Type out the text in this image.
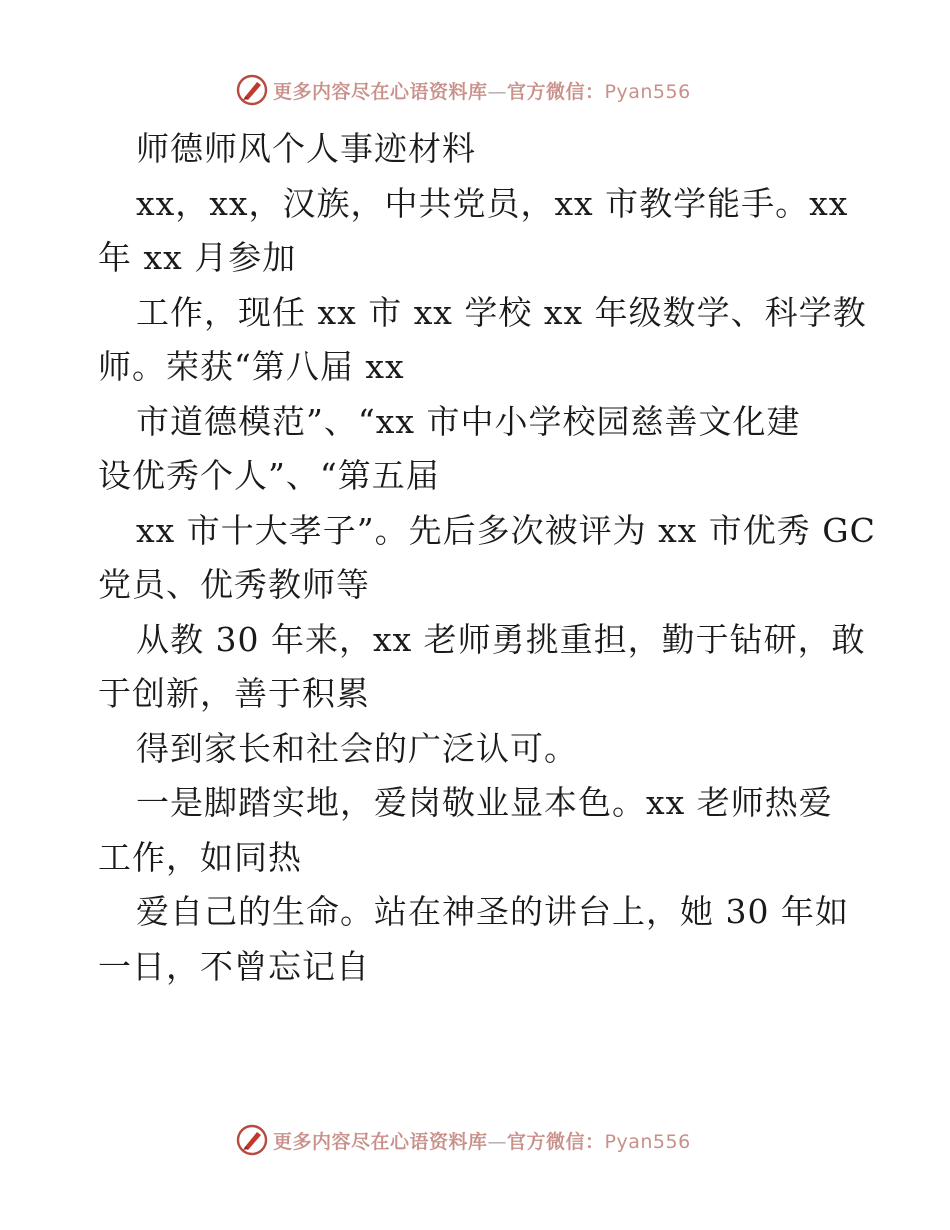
更多内容尽在心语资料库—官方微信：Pyan556
师德师风个人事迹材料
xx，xx，汉族，中共党员，xx 市教学能手。xx
年 xx 月参加
工作，现任 xx 市 xx 学校 xx 年级数学、科学教
师。荣获“第八届 xx
市道德模范”、“xx 市中小学校园慈善文化建
设优秀个人”、“第五届
xx 市十大孝子”。先后多次被评为 xx 市优秀 GC
党员、优秀教师等
从教 30 年来，xx 老师勇挑重担，勤于钻研，敢
于创新，善于积累
得到家长和社会的广泛认可。
一是脚踏实地，爱岗敬业显本色。xx 老师热爱
工作，如同热
爱自己的生命。站在神圣的讲台上，她 30 年如
一日，不曾忘记自
更多内容尽在心语资料库—官方微信：Pyan556
